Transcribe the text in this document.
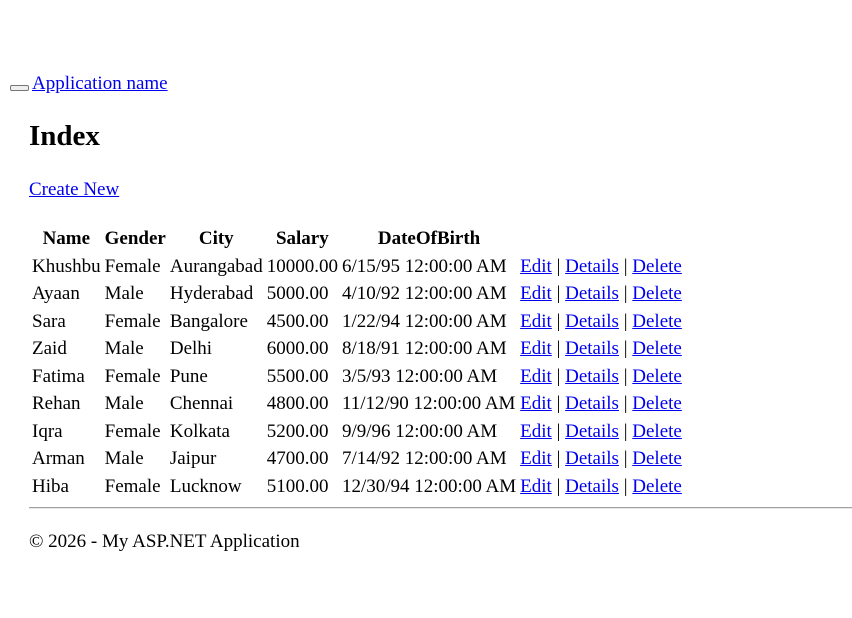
Application name
Index
Create New
Name	Gender	City	Salary	DateOfBirth	
Khushbu	Female	Aurangabad	10000.00	6/15/95 12:00:00 AM	Edit | Details | Delete
Ayaan	Male	Hyderabad	5000.00	4/10/92 12:00:00 AM	Edit | Details | Delete
Sara	Female	Bangalore	4500.00	1/22/94 12:00:00 AM	Edit | Details | Delete
Zaid	Male	Delhi	6000.00	8/18/91 12:00:00 AM	Edit | Details | Delete
Fatima	Female	Pune	5500.00	3/5/93 12:00:00 AM	Edit | Details | Delete
Rehan	Male	Chennai	4800.00	11/12/90 12:00:00 AM	Edit | Details | Delete
Iqra	Female	Kolkata	5200.00	9/9/96 12:00:00 AM	Edit | Details | Delete
Arman	Male	Jaipur	4700.00	7/14/92 12:00:00 AM	Edit | Details | Delete
Hiba	Female	Lucknow	5100.00	12/30/94 12:00:00 AM	Edit | Details | Delete

© 2026 - My ASP.NET Application
